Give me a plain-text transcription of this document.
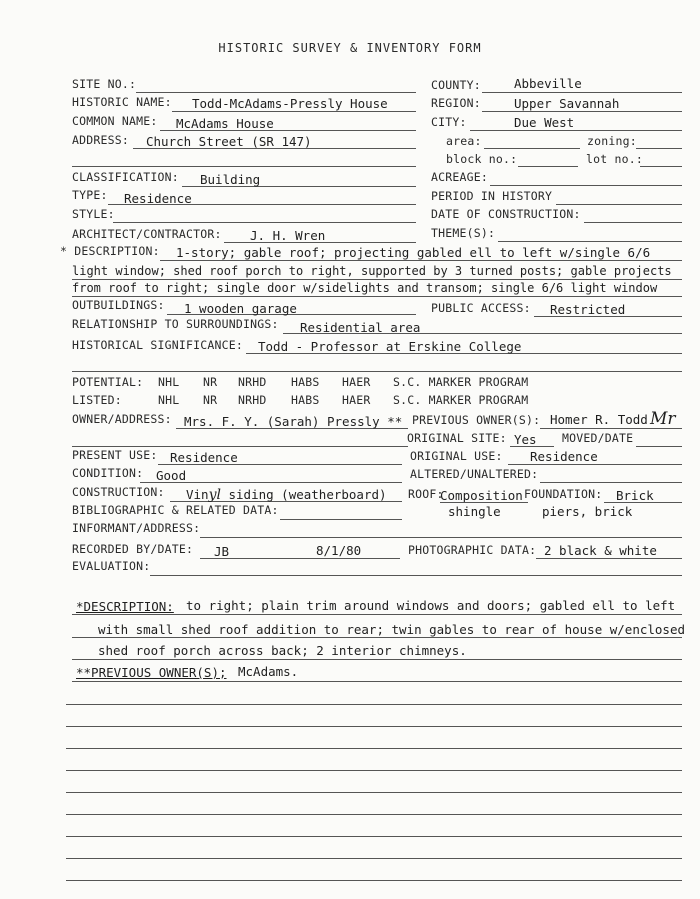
HISTORIC SURVEY & INVENTORY FORM
SITE NO.:
HISTORIC NAME: Todd-McAdams-Pressly House
COMMON NAME: McAdams House
ADDRESS: Church Street (SR 147)
CLASSIFICATION: Building
TYPE: Residence
STYLE:
ARCHITECT/CONTRACTOR: J. H. Wren
* DESCRIPTION: 1-story; gable roof; projecting gabled ell to left w/single 6/6
light window; shed roof porch to right, supported by 3 turned posts; gable projects
from roof to right; single door w/sidelights and transom; single 6/6 light window
OUTBUILDINGS: 1 wooden garage
RELATIONSHIP TO SURROUNDINGS: Residential area
HISTORICAL SIGNIFICANCE: Todd - Professor at Erskine College
COUNTY:	Abbeville
REGION:	Upper Savannah
CITY:	Due West
area:	zoning:
block no.:	lot no.:
ACREAGE:
PERIOD IN HISTORY
DATE OF CONSTRUCTION:
THEME(S):
PUBLIC ACCESS: Restricted
POTENTIAL: NHL NR NRHD HABS HAER S.C. MARKER PROGRAM
LISTED:	NHL NR NRHD HABS HAER S.C. MARKER PROGRAM
OWNER/ADDRESS: Mrs. F. Y. (Sarah) Pressly ** PREVIOUS OWNER(S): Homer R. Todd Mr
ORIGINAL SITE: Yes MOVED/DATE
PRESENT USE: Residence	ORIGINAL USE: Residence
CONDITION: Good	ALTERED/UNALTERED:
CONSTRUCTION: Vinyl siding (weatherboard) ROOF:
Composition
shingle
FOUNDATION: Brick
piers, brick
BIBLIOGRAPHIC & RELATED DATA:
INFORMANT/ADDRESS:
RECORDED BY/DATE: JB	8/1/80	PHOTOGRAPHIC DATA: 2 black & white
EVALUATION:
*DESCRIPTION: to right; plain trim around windows and doors; gabled ell to left
with small shed roof addition to rear; twin gables to rear of house w/enclosed
shed roof porch across back; 2 interior chimneys.
**PREVIOUS OWNER(S); McAdams.
